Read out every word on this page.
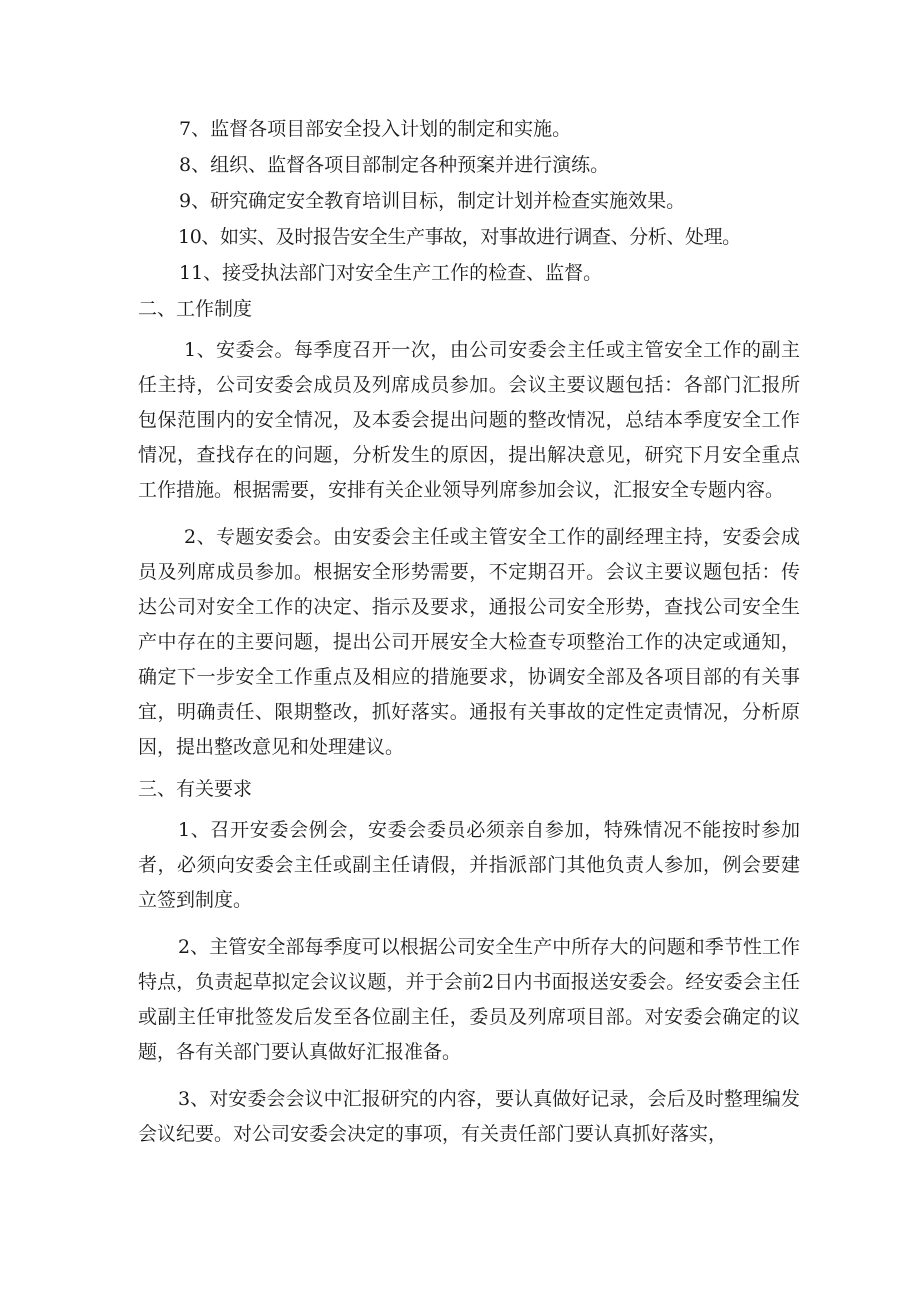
7、监督各项目部安全投入计划的制定和实施。

8、组织、监督各项目部制定各种预案并进行演练。

9、研究确定安全教育培训目标，制定计划并检查实施效果。

10、如实、及时报告安全生产事故，对事故进行调查、分析、处理。

11、接受执法部门对安全生产工作的检查、监督。

二、工作制度

1、安委会。每季度召开一次，由公司安委会主任或主管安全工作的副主任主持，公司安委会成员及列席成员参加。会议主要议题包括：各部门汇报所包保范围内的安全情况，及本委会提出问题的整改情况，总结本季度安全工作情况，查找存在的问题，分析发生的原因，提出解决意见，研究下月安全重点工作措施。根据需要，安排有关企业领导列席参加会议，汇报安全专题内容。

2、专题安委会。由安委会主任或主管安全工作的副经理主持，安委会成员及列席成员参加。根据安全形势需要，不定期召开。会议主要议题包括：传达公司对安全工作的决定、指示及要求，通报公司安全形势，查找公司安全生产中存在的主要问题，提出公司开展安全大检查专项整治工作的决定或通知，确定下一步安全工作重点及相应的措施要求，协调安全部及各项目部的有关事宜，明确责任、限期整改，抓好落实。通报有关事故的定性定责情况，分析原因，提出整改意见和处理建议。

三、有关要求

1、召开安委会例会，安委会委员必须亲自参加，特殊情况不能按时参加者，必须向安委会主任或副主任请假，并指派部门其他负责人参加，例会要建立签到制度。

2、主管安全部每季度可以根据公司安全生产中所存大的问题和季节性工作特点，负责起草拟定会议议题，并于会前2日内书面报送安委会。经安委会主任或副主任审批签发后发至各位副主任，委员及列席项目部。对安委会确定的议题，各有关部门要认真做好汇报准备。

3、对安委会会议中汇报研究的内容，要认真做好记录，会后及时整理编发会议纪要。对公司安委会决定的事项，有关责任部门要认真抓好落实，
